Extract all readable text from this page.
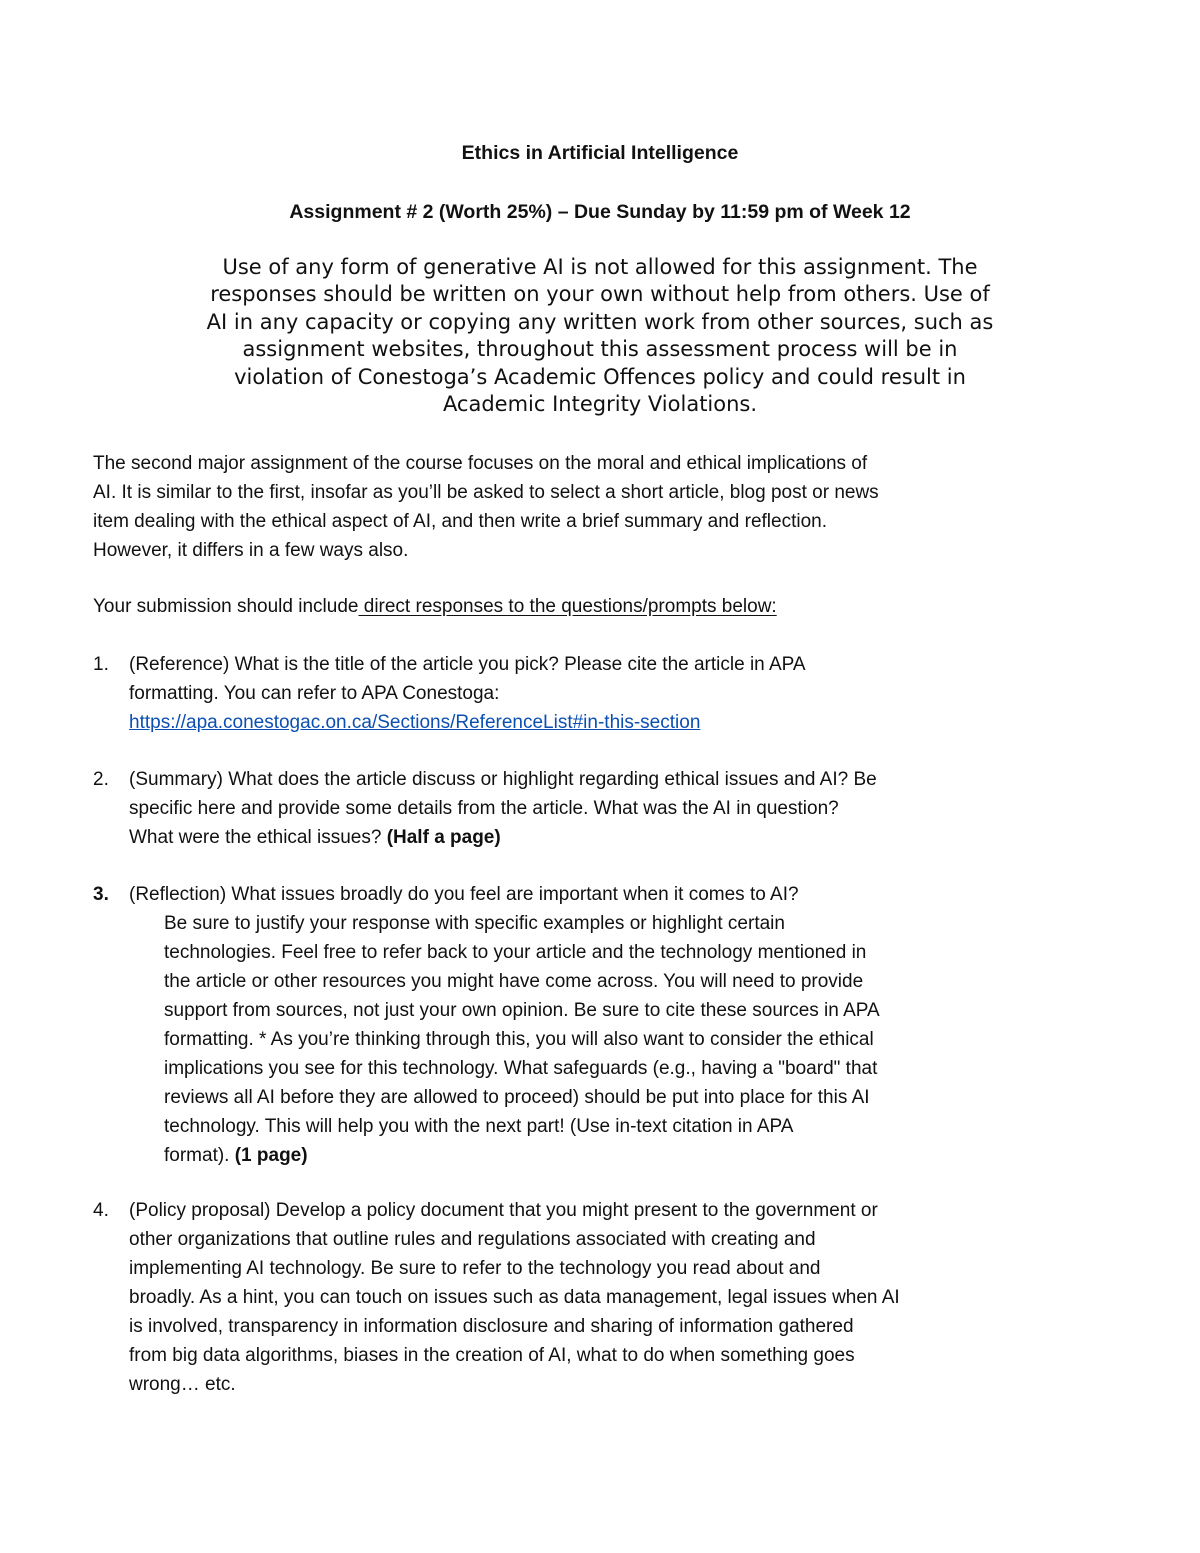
Ethics in Artificial Intelligence
Assignment # 2 (Worth 25%) – Due Sunday by 11:59 pm of Week 12
Use of any form of generative AI is not allowed for this assignment. The
responses should be written on your own without help from others. Use of
AI in any capacity or copying any written work from other sources, such as
assignment websites, throughout this assessment process will be in
violation of Conestoga’s Academic Offences policy and could result in
Academic Integrity Violations.
The second major assignment of the course focuses on the moral and ethical implications of
AI. It is similar to the first, insofar as you’ll be asked to select a short article, blog post or news
item dealing with the ethical aspect of AI, and then write a brief summary and reflection.
However, it differs in a few ways also.
Your submission should include direct responses to the questions/prompts below:
1. (Reference) What is the title of the article you pick? Please cite the article in APA
formatting. You can refer to APA Conestoga:
https://apa.conestogac.on.ca/Sections/ReferenceList#in-this-section
2. (Summary) What does the article discuss or highlight regarding ethical issues and AI? Be
specific here and provide some details from the article. What was the AI in question?
What were the ethical issues? (Half a page)
3. (Reflection) What issues broadly do you feel are important when it comes to AI?
Be sure to justify your response with specific examples or highlight certain
technologies. Feel free to refer back to your article and the technology mentioned in
the article or other resources you might have come across. You will need to provide
support from sources, not just your own opinion. Be sure to cite these sources in APA
formatting. * As you’re thinking through this, you will also want to consider the ethical
implications you see for this technology. What safeguards (e.g., having a "board" that
reviews all AI before they are allowed to proceed) should be put into place for this AI
technology. This will help you with the next part! (Use in-text citation in APA
format). (1 page)
4. (Policy proposal) Develop a policy document that you might present to the government or
other organizations that outline rules and regulations associated with creating and
implementing AI technology. Be sure to refer to the technology you read about and
broadly. As a hint, you can touch on issues such as data management, legal issues when AI
is involved, transparency in information disclosure and sharing of information gathered
from big data algorithms, biases in the creation of AI, what to do when something goes
wrong… etc.
